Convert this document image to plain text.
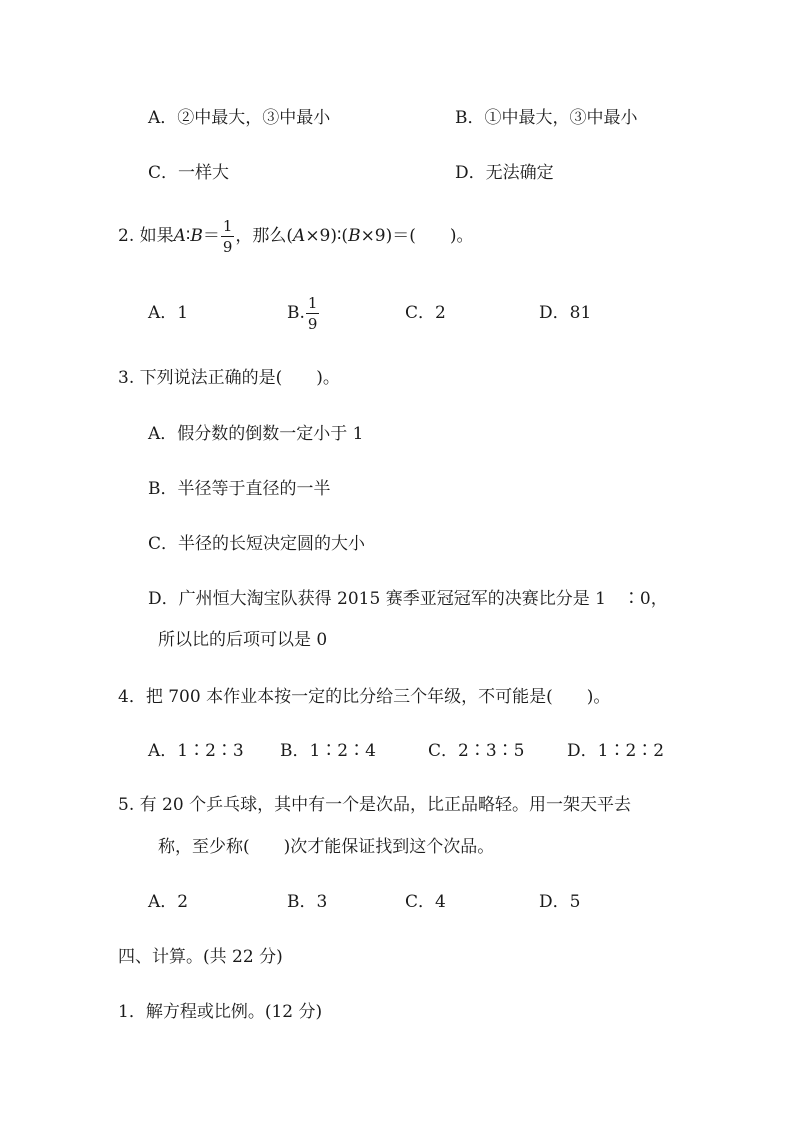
A．②中最大，③中最小	B．①中最大，③中最小
C．一样大	D．无法确定
2. 如果A∶B＝ $\frac{1}{9}$ ，那么(A×9)∶(B×9)＝(　　)。
A．1	B. $\frac{1}{9}$	C．2	D．81
3. 下列说法正确的是(　　)。
A．假分数的倒数一定小于 1
B．半径等于直径的一半
C．半径的长短决定圆的大小
D．广州恒大淘宝队获得 2015 赛季亚冠冠军的决赛比分是 1　∶0，
所以比的后项可以是 0
4．把 700 本作业本按一定的比分给三个年级，不可能是(　　)。
A．1∶2∶3 B．1∶2∶4	C．2∶3∶5	D．1∶2∶2
5. 有 20 个乒乓球，其中有一个是次品，比正品略轻。用一架天平去
称，至少称(　　)次才能保证找到这个次品。
A．2	B．3	C．4	D．5
四、计算。(共 22 分)
1．解方程或比例。(12 分)
